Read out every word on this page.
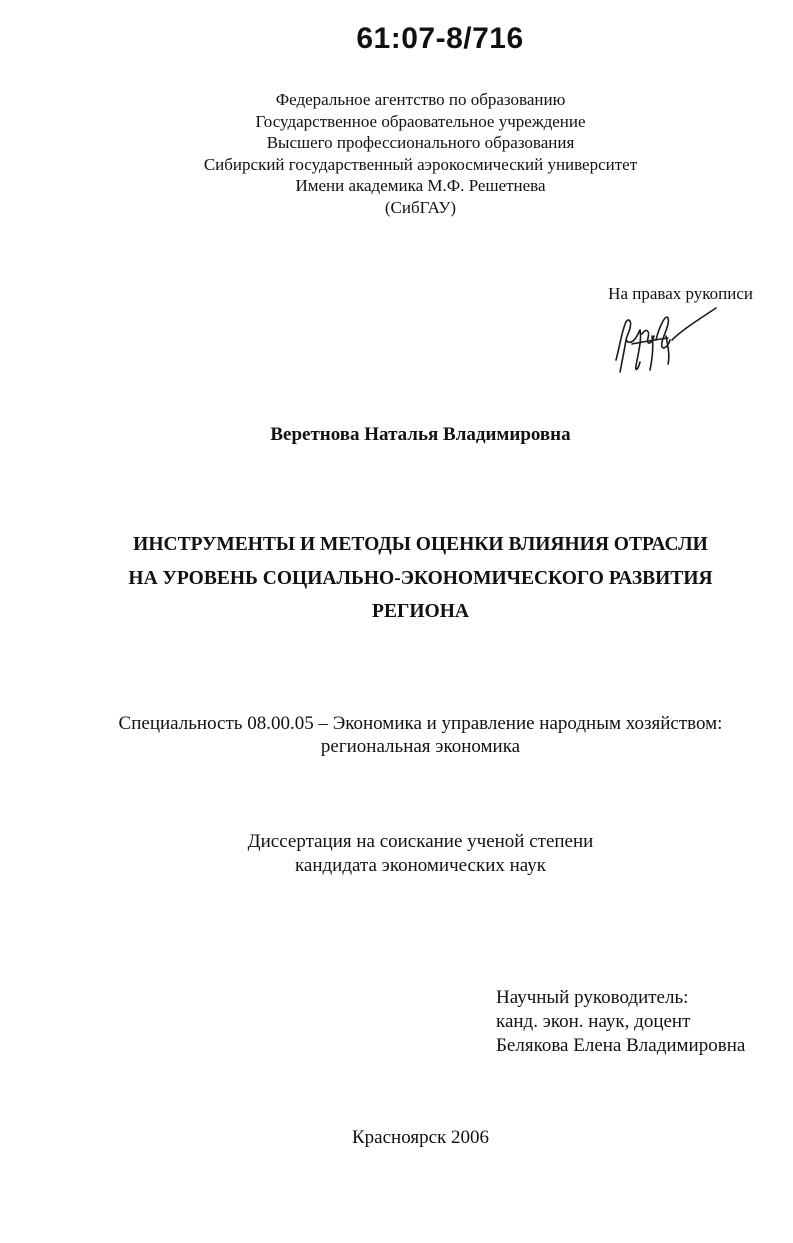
61:07-8/716
Федеральное агентство по образованию
Государственное обраовательное учреждение
Высшего профессионального образования
Сибирский государственный аэрокосмический университет
Имени академика М.Ф. Решетнева
(СибГАУ)
На правах рукописи
Веретнова Наталья Владимировна
ИНСТРУМЕНТЫ И МЕТОДЫ ОЦЕНКИ ВЛИЯНИЯ ОТРАСЛИ
НА УРОВЕНЬ СОЦИАЛЬНО-ЭКОНОМИЧЕСКОГО РАЗВИТИЯ
РЕГИОНА
Специальность 08.00.05 – Экономика и управление народным хозяйством:
региональная экономика
Диссертация на соискание ученой степени
кандидата экономических наук
Научный руководитель:
канд. экон. наук, доцент
Белякова Елена Владимировна
Красноярск 2006
